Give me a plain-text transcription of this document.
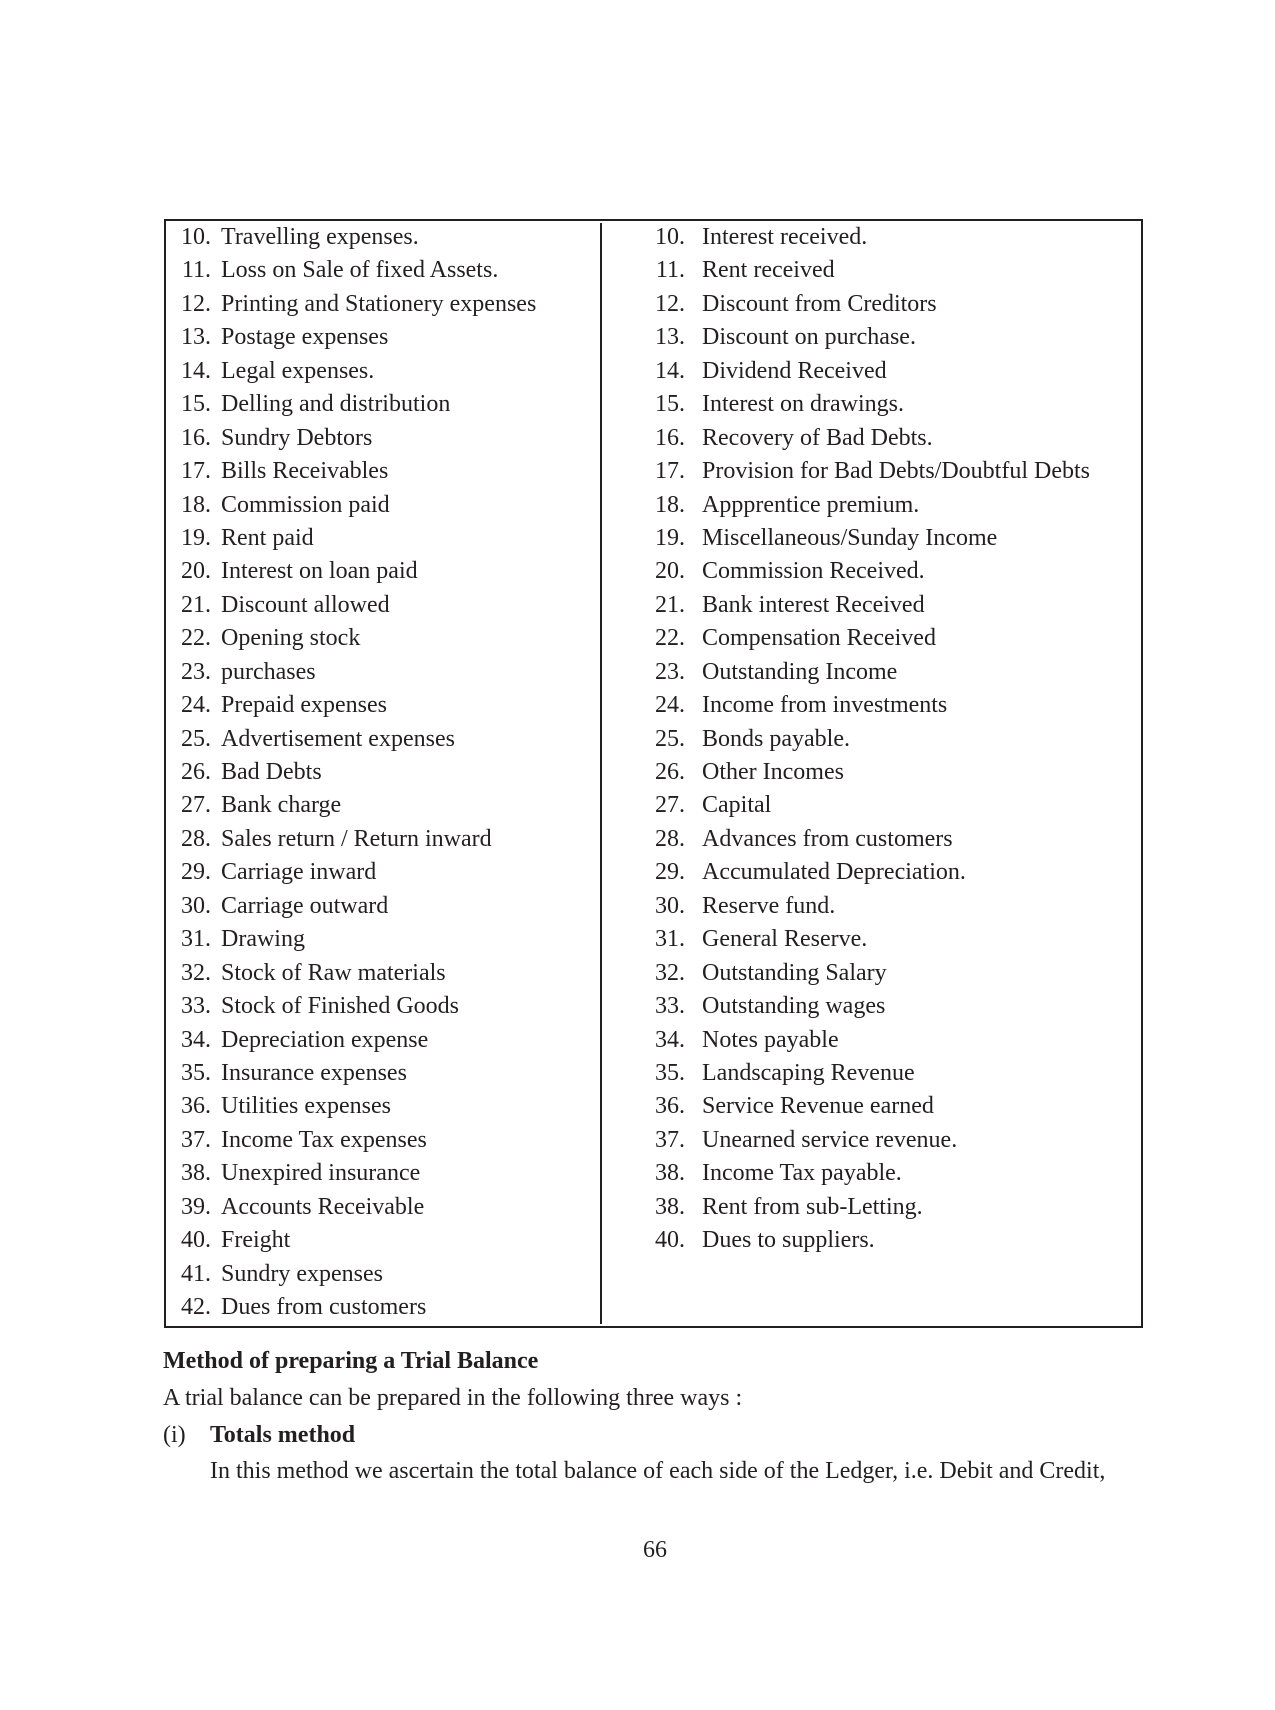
10. Travelling expenses.
11. Loss on Sale of fixed Assets.
12. Printing and Stationery expenses
13. Postage expenses
14. Legal expenses.
15. Delling and distribution
16. Sundry Debtors
17. Bills Receivables
18. Commission paid
19. Rent paid
20. Interest on loan paid
21. Discount allowed
22. Opening stock
23. purchases
24. Prepaid expenses
25. Advertisement expenses
26. Bad Debts
27. Bank charge
28. Sales return / Return inward
29. Carriage inward
30. Carriage outward
31. Drawing
32. Stock of Raw materials
33. Stock of Finished Goods
34. Depreciation expense
35. Insurance expenses
36. Utilities expenses
37. Income Tax expenses
38. Unexpired insurance
39. Accounts Receivable
40. Freight
41. Sundry expenses
42. Dues from customers
10. Interest received.
11. Rent received
12. Discount from Creditors
13. Discount on purchase.
14. Dividend Received
15. Interest on drawings.
16. Recovery of Bad Debts.
17. Provision for Bad Debts/Doubtful Debts
18. Appprentice premium.
19. Miscellaneous/Sunday Income
20. Commission Received.
21. Bank interest Received
22. Compensation Received
23. Outstanding Income
24. Income from investments
25. Bonds payable.
26. Other Incomes
27. Capital
28. Advances from customers
29. Accumulated Depreciation.
30. Reserve fund.
31. General Reserve.
32. Outstanding Salary
33. Outstanding wages
34. Notes payable
35. Landscaping Revenue
36. Service Revenue earned
37. Unearned service revenue.
38. Income Tax payable.
38. Rent from sub-Letting.
40. Dues to suppliers.
Method of preparing a Trial Balance

A trial balance can be prepared in the following three ways :

(i) Totals method

In this method we ascertain the total balance of each side of the Ledger, i.e. Debit and Credit,

66
